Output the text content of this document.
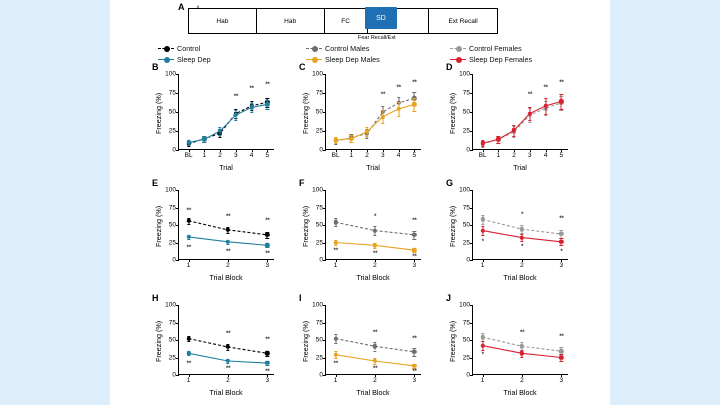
A
Hab	Hab	FC	Ext Recall
SD
Fear Recall/Ext
Control
Sleep Dep
Control Males
Sleep Dep Males
Control Females
Sleep Dep Females
B
0
25
50
75
100
BL 1 2 3 4 5
**
**
**
Freezing (%)
Trial
C
0
25
50
75
100
BL 1 2 3 4 5
**
**
**
Freezing (%)
Trial
D
0
25
50
75
100
BL 1 2 3 4 5
**
**
**
Freezing (%)
Trial
E
0
25
50
75
100
1	2	3
**
**
**
**	**	**
Freezing (%)
Trial Block
F
0
25
50
75
100
1	2	3
*
**
**	**	**
Freezing (%)
Trial Block
G
0
25
50
75
100
1	2	3
*
**
*
*
*
Freezing (%)
Trial Block
H
0
25
50
75
100
1	2	3
**
**
**
**	**
Freezing (%)
Trial Block
I
0
25
50
75
100
1	2	3
**
**
**
**	**
Freezing (%)
Trial Block
J
0
25
50
75
100
1	2	3
**
**
*
Freezing (%)
Trial Block
